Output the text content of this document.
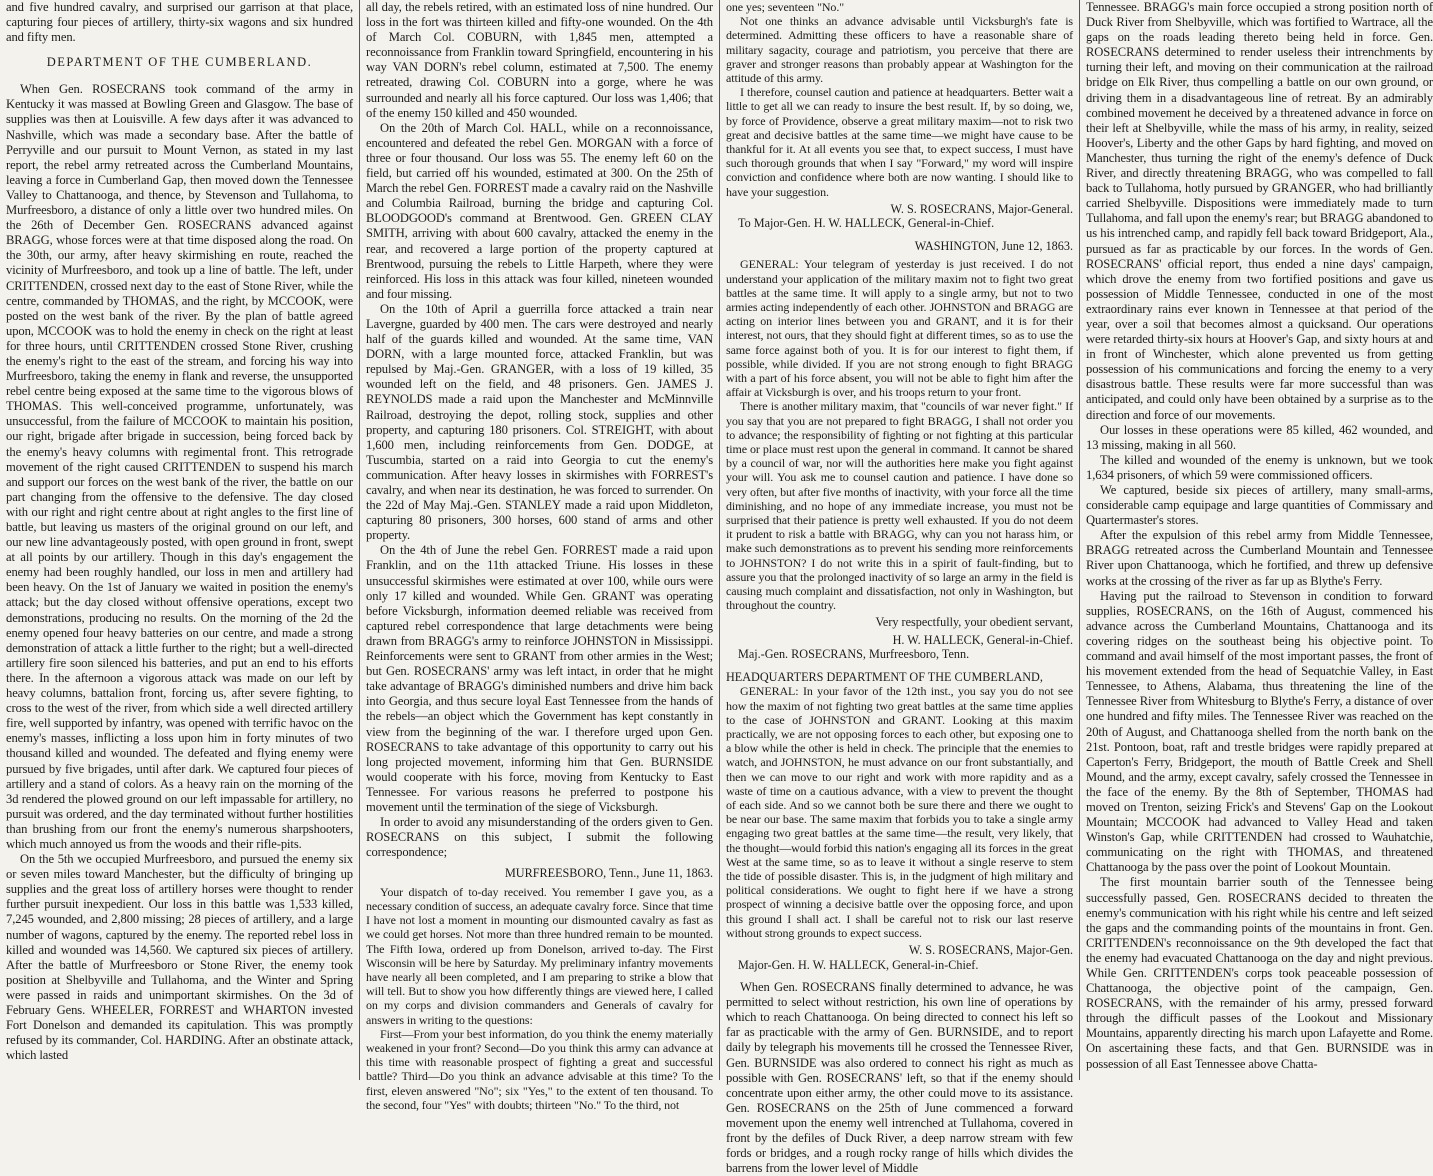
and five hundred cavalry, and surprised our garrison at that place, capturing four pieces of artillery, thirty-six wagons and six hundred and fifty men.

DEPARTMENT OF THE CUMBERLAND.

When Gen. ROSECRANS took command of the army in Kentucky it was massed at Bowling Green and Glasgow. The base of supplies was then at Louisville. A few days after it was advanced to Nashville, which was made a secondary base. After the battle of Perryville and our pursuit to Mount Vernon, as stated in my last report, the rebel army retreated across the Cumberland Mountains, leaving a force in Cumberland Gap, then moved down the Tennessee Valley to Chattanooga, and thence, by Stevenson and Tullahoma, to Murfreesboro, a distance of only a little over two hundred miles. On the 26th of December Gen. ROSECRANS advanced against BRAGG, whose forces were at that time disposed along the road. On the 30th, our army, after heavy skirmishing en route, reached the vicinity of Murfreesboro, and took up a line of battle. The left, under CRITTENDEN, crossed next day to the east of Stone River, while the centre, commanded by THOMAS, and the right, by MCCOOK, were posted on the west bank of the river. By the plan of battle agreed upon, MCCOOK was to hold the enemy in check on the right at least for three hours, until CRITTENDEN crossed Stone River, crushing the enemy's right to the east of the stream, and forcing his way into Murfreesboro, taking the enemy in flank and reverse, the unsupported rebel centre being exposed at the same time to the vigorous blows of THOMAS. This well-conceived programme, unfortunately, was unsuccessful, from the failure of MCCOOK to maintain his position, our right, brigade after brigade in succession, being forced back by the enemy's heavy columns with regimental front. This retrograde movement of the right caused CRITTENDEN to suspend his march and support our forces on the west bank of the river, the battle on our part changing from the offensive to the defensive. The day closed with our right and right centre about at right angles to the first line of battle, but leaving us masters of the original ground on our left, and our new line advantageously posted, with open ground in front, swept at all points by our artillery. Though in this day's engagement the enemy had been roughly handled, our loss in men and artillery had been heavy. On the 1st of January we waited in position the enemy's attack; but the day closed without offensive operations, except two demonstrations, producing no results. On the morning of the 2d the enemy opened four heavy batteries on our centre, and made a strong demonstration of attack a little further to the right; but a well-directed artillery fire soon silenced his batteries, and put an end to his efforts there. In the afternoon a vigorous attack was made on our left by heavy columns, battalion front, forcing us, after severe fighting, to cross to the west of the river, from which side a well directed artillery fire, well supported by infantry, was opened with terrific havoc on the enemy's masses, inflicting a loss upon him in forty minutes of two thousand killed and wounded. The defeated and flying enemy were pursued by five brigades, until after dark. We captured four pieces of artillery and a stand of colors. As a heavy rain on the morning of the 3d rendered the plowed ground on our left impassable for artillery, no pursuit was ordered, and the day terminated without further hostilities than brushing from our front the enemy's numerous sharpshooters, which much annoyed us from the woods and their rifle-pits.

On the 5th we occupied Murfreesboro, and pursued the enemy six or seven miles toward Manchester, but the difficulty of bringing up supplies and the great loss of artillery horses were thought to render further pursuit inexpedient. Our loss in this battle was 1,533 killed, 7,245 wounded, and 2,800 missing; 28 pieces of artillery, and a large number of wagons, captured by the enemy. The reported rebel loss in killed and wounded was 14,560. We captured six pieces of artillery. After the battle of Murfreesboro or Stone River, the enemy took position at Shelbyville and Tullahoma, and the Winter and Spring were passed in raids and unimportant skirmishes. On the 3d of February Gens. WHEELER, FORREST and WHARTON invested Fort Donelson and demanded its capitulation. This was promptly refused by its commander, Col. HARDING. After an obstinate attack, which lasted

all day, the rebels retired, with an estimated loss of nine hundred. Our loss in the fort was thirteen killed and fifty-one wounded. On the 4th of March Col. COBURN, with 1,845 men, attempted a reconnoissance from Franklin toward Springfield, encountering in his way VAN DORN's rebel column, estimated at 7,500. The enemy retreated, drawing Col. COBURN into a gorge, where he was surrounded and nearly all his force captured. Our loss was 1,406; that of the enemy 150 killed and 450 wounded.

On the 20th of March Col. HALL, while on a reconnoissance, encountered and defeated the rebel Gen. MORGAN with a force of three or four thousand. Our loss was 55. The enemy left 60 on the field, but carried off his wounded, estimated at 300. On the 25th of March the rebel Gen. FORREST made a cavalry raid on the Nashville and Columbia Railroad, burning the bridge and capturing Col. BLOODGOOD's command at Brentwood. Gen. GREEN CLAY SMITH, arriving with about 600 cavalry, attacked the enemy in the rear, and recovered a large portion of the property captured at Brentwood, pursuing the rebels to Little Harpeth, where they were reinforced. His loss in this attack was four killed, nineteen wounded and four missing.

On the 10th of April a guerrilla force attacked a train near Lavergne, guarded by 400 men. The cars were destroyed and nearly half of the guards killed and wounded. At the same time, VAN DORN, with a large mounted force, attacked Franklin, but was repulsed by Maj.-Gen. GRANGER, with a loss of 19 killed, 35 wounded left on the field, and 48 prisoners. Gen. JAMES J. REYNOLDS made a raid upon the Manchester and McMinnville Railroad, destroying the depot, rolling stock, supplies and other property, and capturing 180 prisoners. Col. STREIGHT, with about 1,600 men, including reinforcements from Gen. DODGE, at Tuscumbia, started on a raid into Georgia to cut the enemy's communication. After heavy losses in skirmishes with FORREST's cavalry, and when near its destination, he was forced to surrender. On the 22d of May Maj.-Gen. STANLEY made a raid upon Middleton, capturing 80 prisoners, 300 horses, 600 stand of arms and other property.

On the 4th of June the rebel Gen. FORREST made a raid upon Franklin, and on the 11th attacked Triune. His losses in these unsuccessful skirmishes were estimated at over 100, while ours were only 17 killed and wounded. While Gen. GRANT was operating before Vicksburgh, information deemed reliable was received from captured rebel correspondence that large detachments were being drawn from BRAGG's army to reinforce JOHNSTON in Mississippi. Reinforcements were sent to GRANT from other armies in the West; but Gen. ROSECRANS' army was left intact, in order that he might take advantage of BRAGG's diminished numbers and drive him back into Georgia, and thus secure loyal East Tennessee from the hands of the rebels—an object which the Government has kept constantly in view from the beginning of the war. I therefore urged upon Gen. ROSECRANS to take advantage of this opportunity to carry out his long projected movement, informing him that Gen. BURNSIDE would cooperate with his force, moving from Kentucky to East Tennessee. For various reasons he preferred to postpone his movement until the termination of the siege of Vicksburgh.

In order to avoid any misunderstanding of the orders given to Gen. ROSECRANS on this subject, I submit the following correspondence;

MURFREESBORO, Tenn., June 11, 1863.

Your dispatch of to-day received. You remember I gave you, as a necessary condition of success, an adequate cavalry force. Since that time I have not lost a moment in mounting our dismounted cavalry as fast as we could get horses. Not more than three hundred remain to be mounted. The Fifth Iowa, ordered up from Donelson, arrived to-day. The First Wisconsin will be here by Saturday. My preliminary infantry movements have nearly all been completed, and I am preparing to strike a blow that will tell. But to show you how differently things are viewed here, I called on my corps and division commanders and Generals of cavalry for answers in writing to the questions:

First—From your best information, do you think the enemy materially weakened in your front? Second—Do you think this army can advance at this time with reasonable prospect of fighting a great and successful battle? Third—Do you think an advance advisable at this time? To the first, eleven answered "No"; six "Yes," to the extent of ten thousand. To the second, four "Yes" with doubts; thirteen "No." To the third, not

one yes; seventeen "No."

Not one thinks an advance advisable until Vicksburgh's fate is determined. Admitting these officers to have a reasonable share of military sagacity, courage and patriotism, you perceive that there are graver and stronger reasons than probably appear at Washington for the attitude of this army.

I therefore, counsel caution and patience at headquarters. Better wait a little to get all we can ready to insure the best result. If, by so doing, we, by force of Providence, observe a great military maxim—not to risk two great and decisive battles at the same time—we might have cause to be thankful for it. At all events you see that, to expect success, I must have such thorough grounds that when I say "Forward," my word will inspire conviction and confidence where both are now wanting. I should like to have your suggestion.

W. S. ROSECRANS, Major-General.

To Major-Gen. H. W. HALLECK, General-in-Chief.

WASHINGTON, June 12, 1863.

GENERAL: Your telegram of yesterday is just received. I do not understand your application of the military maxim not to fight two great battles at the same time. It will apply to a single army, but not to two armies acting independently of each other. JOHNSTON and BRAGG are acting on interior lines between you and GRANT, and it is for their interest, not ours, that they should fight at different times, so as to use the same force against both of you. It is for our interest to fight them, if possible, while divided. If you are not strong enough to fight BRAGG with a part of his force absent, you will not be able to fight him after the affair at Vicksburgh is over, and his troops return to your front.

There is another military maxim, that "councils of war never fight." If you say that you are not prepared to fight BRAGG, I shall not order you to advance; the responsibility of fighting or not fighting at this particular time or place must rest upon the general in command. It cannot be shared by a council of war, nor will the authorities here make you fight against your will. You ask me to counsel caution and patience. I have done so very often, but after five months of inactivity, with your force all the time diminishing, and no hope of any immediate increase, you must not be surprised that their patience is pretty well exhausted. If you do not deem it prudent to risk a battle with BRAGG, why can you not harass him, or make such demonstrations as to prevent his sending more reinforcements to JOHNSTON? I do not write this in a spirit of fault-finding, but to assure you that the prolonged inactivity of so large an army in the field is causing much complaint and dissatisfaction, not only in Washington, but throughout the country.

Very respectfully, your obedient servant,

H. W. HALLECK, General-in-Chief.

Maj.-Gen. ROSECRANS, Murfreesboro, Tenn.

HEADQUARTERS DEPARTMENT OF THE CUMBERLAND,

GENERAL: In your favor of the 12th inst., you say you do not see how the maxim of not fighting two great battles at the same time applies to the case of JOHNSTON and GRANT. Looking at this maxim practically, we are not opposing forces to each other, but exposing one to a blow while the other is held in check. The principle that the enemies to watch, and JOHNSTON, he must advance on our front substantially, and then we can move to our right and work with more rapidity and as a waste of time on a cautious advance, with a view to prevent the thought of each side. And so we cannot both be sure there and there we ought to be near our base. The same maxim that forbids you to take a single army engaging two great battles at the same time—the result, very likely, that the thought—would forbid this nation's engaging all its forces in the great West at the same time, so as to leave it without a single reserve to stem the tide of possible disaster. This is, in the judgment of high military and political considerations. We ought to fight here if we have a strong prospect of winning a decisive battle over the opposing force, and upon this ground I shall act. I shall be careful not to risk our last reserve without strong grounds to expect success.

W. S. ROSECRANS, Major-Gen.

Major-Gen. H. W. HALLECK, General-in-Chief.

When Gen. ROSECRANS finally determined to advance, he was permitted to select without restriction, his own line of operations by which to reach Chattanooga. On being directed to connect his left so far as practicable with the army of Gen. BURNSIDE, and to report daily by telegraph his movements till he crossed the Tennessee River, Gen. BURNSIDE was also ordered to connect his right as much as possible with Gen. ROSECRANS' left, so that if the enemy should concentrate upon either army, the other could move to its assistance. Gen. ROSECRANS on the 25th of June commenced a forward movement upon the enemy well intrenched at Tullahoma, covered in front by the defiles of Duck River, a deep narrow stream with few fords or bridges, and a rough rocky range of hills which divides the barrens from the lower level of Middle

Tennessee. BRAGG's main force occupied a strong position north of Duck River from Shelbyville, which was fortified to Wartrace, all the gaps on the roads leading thereto being held in force. Gen. ROSECRANS determined to render useless their intrenchments by turning their left, and moving on their communication at the railroad bridge on Elk River, thus compelling a battle on our own ground, or driving them in a disadvantageous line of retreat. By an admirably combined movement he deceived by a threatened advance in force on their left at Shelbyville, while the mass of his army, in reality, seized Hoover's, Liberty and the other Gaps by hard fighting, and moved on Manchester, thus turning the right of the enemy's defence of Duck River, and directly threatening BRAGG, who was compelled to fall back to Tullahoma, hotly pursued by GRANGER, who had brilliantly carried Shelbyville. Dispositions were immediately made to turn Tullahoma, and fall upon the enemy's rear; but BRAGG abandoned to us his intrenched camp, and rapidly fell back toward Bridgeport, Ala., pursued as far as practicable by our forces. In the words of Gen. ROSECRANS' official report, thus ended a nine days' campaign, which drove the enemy from two fortified positions and gave us possession of Middle Tennessee, conducted in one of the most extraordinary rains ever known in Tennessee at that period of the year, over a soil that becomes almost a quicksand. Our operations were retarded thirty-six hours at Hoover's Gap, and sixty hours at and in front of Winchester, which alone prevented us from getting possession of his communications and forcing the enemy to a very disastrous battle. These results were far more successful than was anticipated, and could only have been obtained by a surprise as to the direction and force of our movements.

Our losses in these operations were 85 killed, 462 wounded, and 13 missing, making in all 560.

The killed and wounded of the enemy is unknown, but we took 1,634 prisoners, of which 59 were commissioned officers.

We captured, beside six pieces of artillery, many small-arms, considerable camp equipage and large quantities of Commissary and Quartermaster's stores.

After the expulsion of this rebel army from Middle Tennessee, BRAGG retreated across the Cumberland Mountain and Tennessee River upon Chattanooga, which he fortified, and threw up defensive works at the crossing of the river as far up as Blythe's Ferry.

Having put the railroad to Stevenson in condition to forward supplies, ROSECRANS, on the 16th of August, commenced his advance across the Cumberland Mountains, Chattanooga and its covering ridges on the southeast being his objective point. To command and avail himself of the most important passes, the front of his movement extended from the head of Sequatchie Valley, in East Tennessee, to Athens, Alabama, thus threatening the line of the Tennessee River from Whitesburg to Blythe's Ferry, a distance of over one hundred and fifty miles. The Tennessee River was reached on the 20th of August, and Chattanooga shelled from the north bank on the 21st. Pontoon, boat, raft and trestle bridges were rapidly prepared at Caperton's Ferry, Bridgeport, the mouth of Battle Creek and Shell Mound, and the army, except cavalry, safely crossed the Tennessee in the face of the enemy. By the 8th of September, THOMAS had moved on Trenton, seizing Frick's and Stevens' Gap on the Lookout Mountain; MCCOOK had advanced to Valley Head and taken Winston's Gap, while CRITTENDEN had crossed to Wauhatchie, communicating on the right with THOMAS, and threatened Chattanooga by the pass over the point of Lookout Mountain.

The first mountain barrier south of the Tennessee being successfully passed, Gen. ROSECRANS decided to threaten the enemy's communication with his right while his centre and left seized the gaps and the commanding points of the mountains in front. Gen. CRITTENDEN's reconnoissance on the 9th developed the fact that the enemy had evacuated Chattanooga on the day and night previous. While Gen. CRITTENDEN's corps took peaceable possession of Chattanooga, the objective point of the campaign, Gen. ROSECRANS, with the remainder of his army, pressed forward through the difficult passes of the Lookout and Missionary Mountains, apparently directing his march upon Lafayette and Rome. On ascertaining these facts, and that Gen. BURNSIDE was in possession of all East Tennessee above Chatta-
